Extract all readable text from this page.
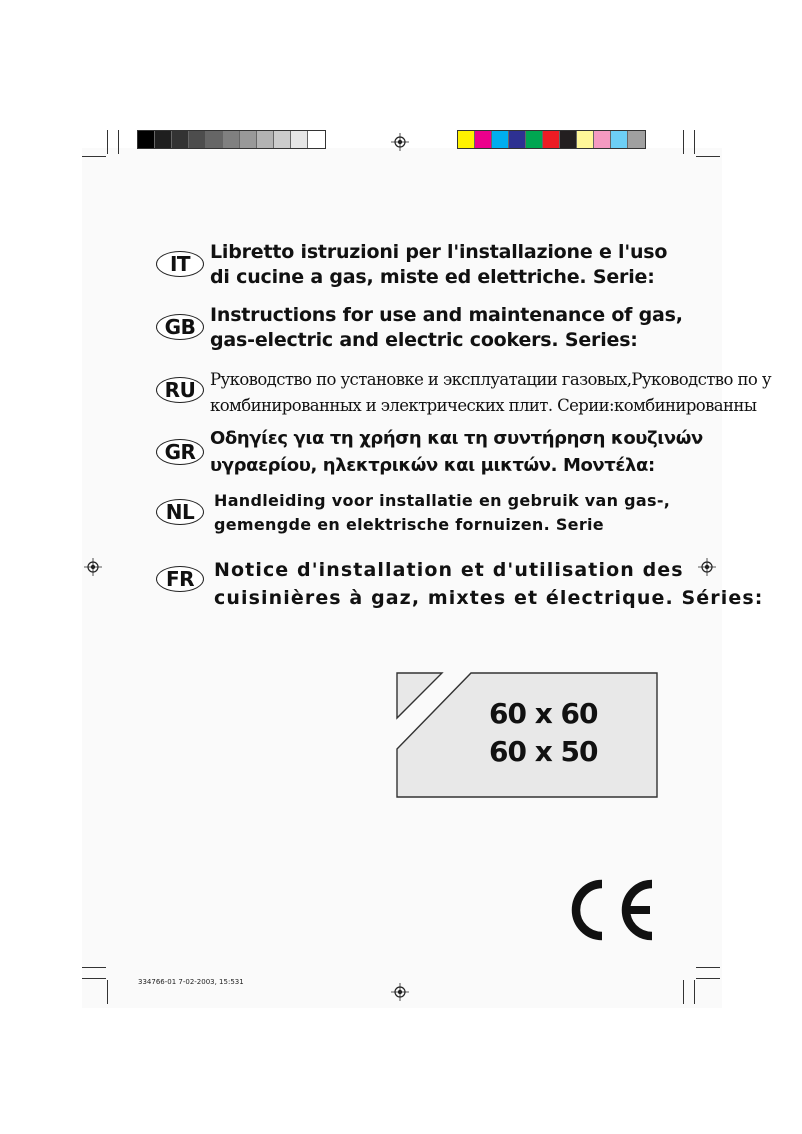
IT	Libretto istruzioni per l'installazione e l'uso
di cucine a gas, miste ed elettriche. Serie:
GB Instructions for use and maintenance of gas,
gas-electric and electric cookers. Series:
RU Руководство по установке и эксплуатации газовых,Руководство по у
комбинированных и электрических плит. Серии:комбинированны
GR
Οδηγίες για τη χρήση και τη συντήρηση κουζινών
υγραερίου, ηλεκτρικών και μικτών. Μοντέλα:
NL	Handleiding voor installatie en gebruik van gas-,
gemengde en elektrische fornuizen. Serie
FR	Notice d'installation et d'utilisation des
cuisinières à gaz, mixtes et électrique. Séries:
60 x 60
60 x 50
334766-01 7-02-2003, 15:531
